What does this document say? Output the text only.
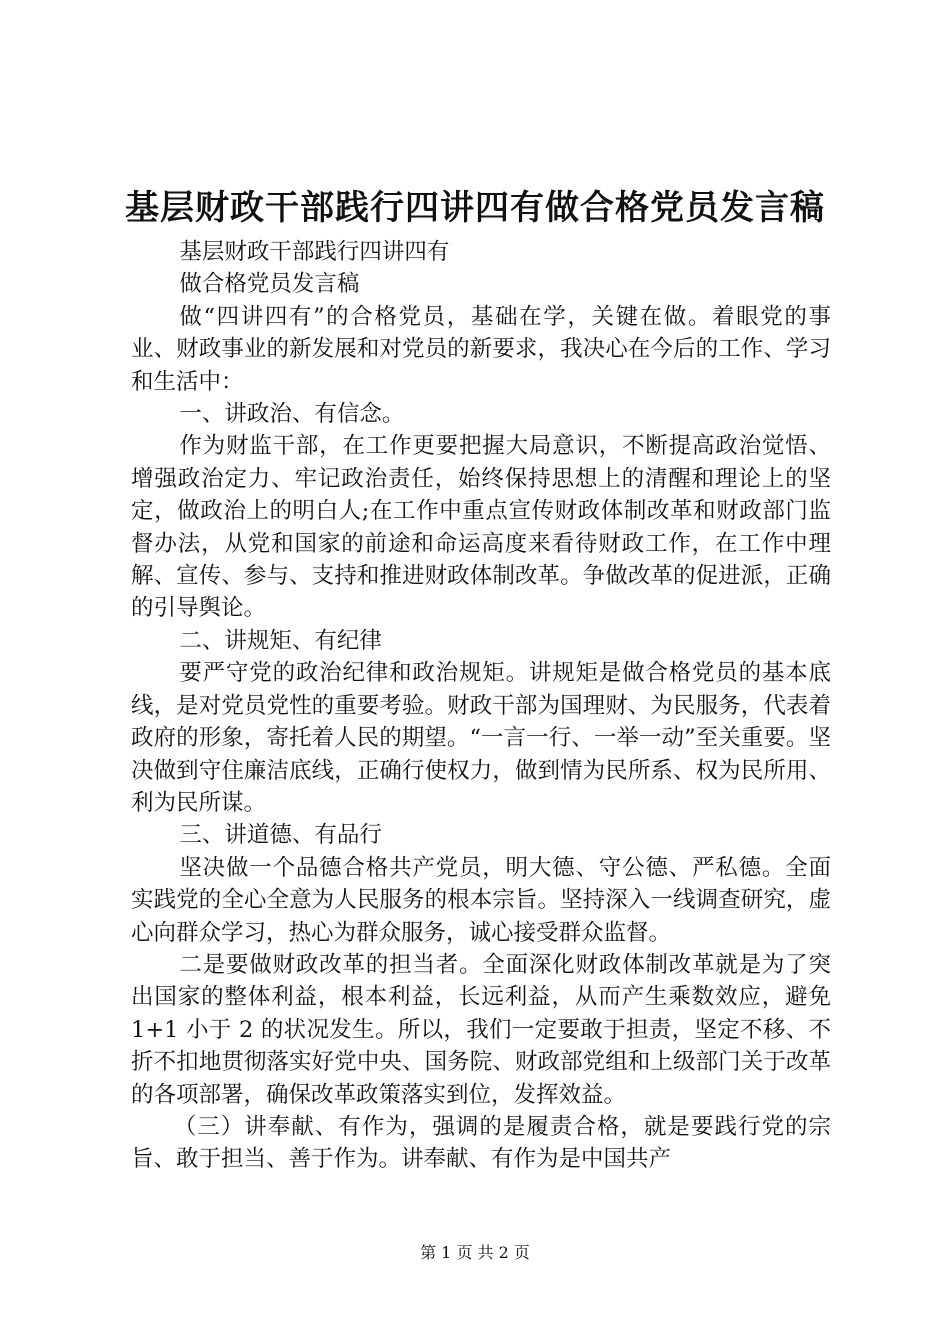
基层财政干部践行四讲四有做合格党员发言稿

基层财政干部践行四讲四有

做合格党员发言稿

做“四讲四有”的合格党员，基础在学，关键在做。着眼党的事业、财政事业的新发展和对党员的新要求，我决心在今后的工作、学习和生活中：

一、讲政治、有信念。

作为财监干部，在工作更要把握大局意识，不断提高政治觉悟、增强政治定力、牢记政治责任，始终保持思想上的清醒和理论上的坚定，做政治上的明白人;在工作中重点宣传财政体制改革和财政部门监督办法，从党和国家的前途和命运高度来看待财政工作，在工作中理解、宣传、参与、支持和推进财政体制改革。争做改革的促进派，正确的引导舆论。

二、讲规矩、有纪律

要严守党的政治纪律和政治规矩。讲规矩是做合格党员的基本底线，是对党员党性的重要考验。财政干部为国理财、为民服务，代表着政府的形象，寄托着人民的期望。“一言一行、一举一动”至关重要。坚决做到守住廉洁底线，正确行使权力，做到情为民所系、权为民所用、利为民所谋。

三、讲道德、有品行

坚决做一个品德合格共产党员，明大德、守公德、严私德。全面实践党的全心全意为人民服务的根本宗旨。坚持深入一线调查研究，虚心向群众学习，热心为群众服务，诚心接受群众监督。

二是要做财政改革的担当者。全面深化财政体制改革就是为了突出国家的整体利益，根本利益，长远利益，从而产生乘数效应，避免 1+1 小于 2 的状况发生。所以，我们一定要敢于担责，坚定不移、不折不扣地贯彻落实好党中央、国务院、财政部党组和上级部门关于改革的各项部署，确保改革政策落实到位，发挥效益。

（三）讲奉献、有作为，强调的是履责合格，就是要践行党的宗旨、敢于担当、善于作为。讲奉献、有作为是中国共产

第 1 页 共 2 页
